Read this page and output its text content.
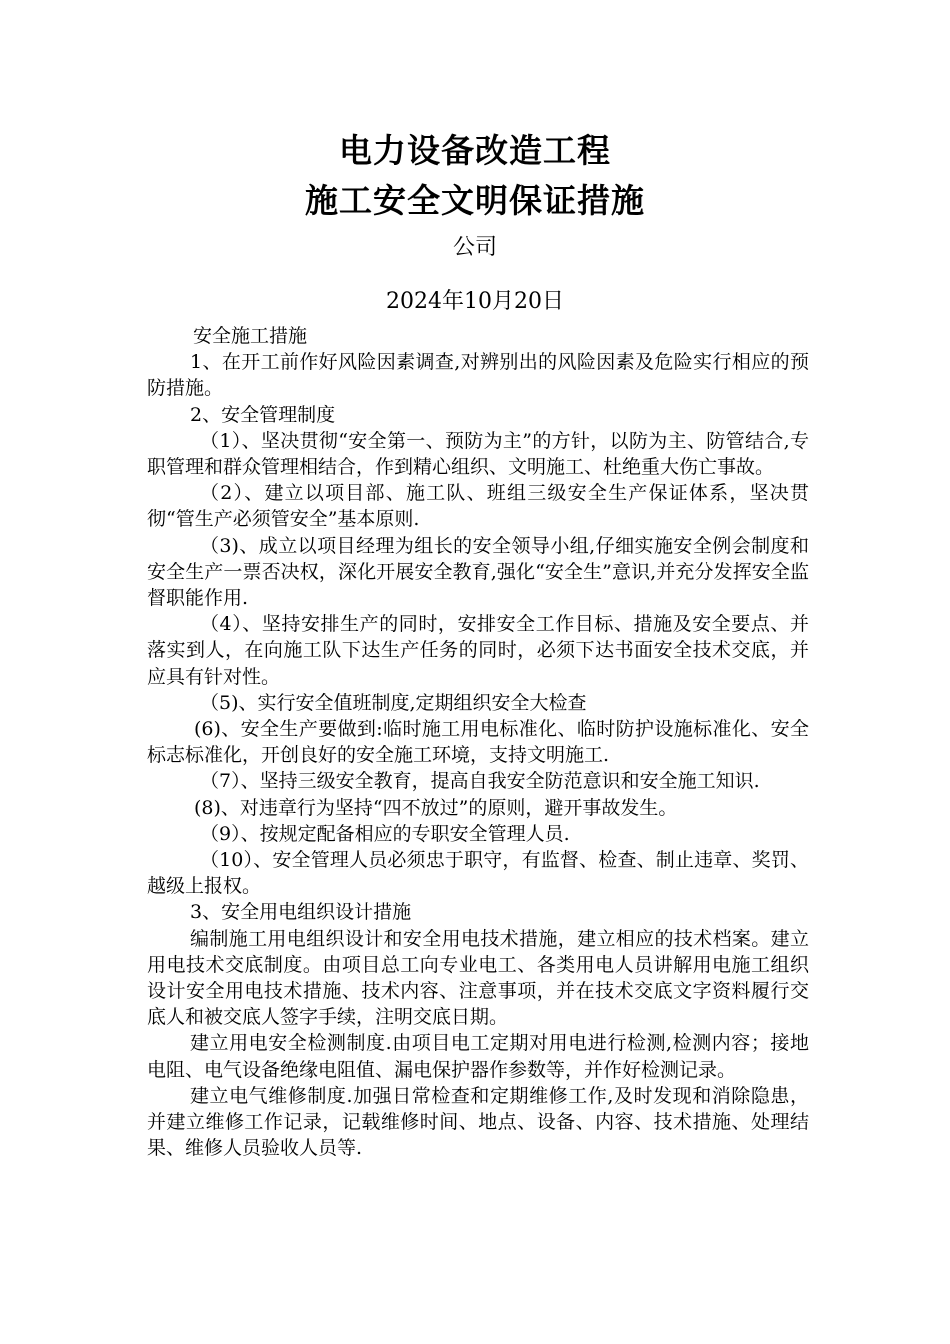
电力设备改造工程
施工安全文明保证措施
公司
2024年10月20日

安全施工措施

1、在开工前作好风险因素调查,对辨别出的风险因素及危险实行相应的预防措施。

2、安全管理制度

（1）、坚决贯彻“安全第一、预防为主”的方针，以防为主、防管结合,专职管理和群众管理相结合，作到精心组织、文明施工、杜绝重大伤亡事故。

（2）、建立以项目部、施工队、班组三级安全生产保证体系，坚决贯彻“管生产必须管安全”基本原则.

（3)、成立以项目经理为组长的安全领导小组,仔细实施安全例会制度和安全生产一票否决权，深化开展安全教育,强化“安全生”意识,并充分发挥安全监督职能作用.

（4）、坚持安排生产的同时，安排安全工作目标、措施及安全要点、并落实到人，在向施工队下达生产任务的同时，必须下达书面安全技术交底，并应具有针对性。

（5)、实行安全值班制度,定期组织安全大检查

(6)、安全生产要做到:临时施工用电标准化、临时防护设施标准化、安全标志标准化，开创良好的安全施工环境，支持文明施工.

（7）、坚持三级安全教育，提高自我安全防范意识和安全施工知识.

(8)、对违章行为坚持“四不放过”的原则，避开事故发生。

（9）、按规定配备相应的专职安全管理人员.

（10）、安全管理人员必须忠于职守，有监督、检查、制止违章、奖罚、越级上报权。

3、安全用电组织设计措施

编制施工用电组织设计和安全用电技术措施，建立相应的技术档案。建立用电技术交底制度。由项目总工向专业电工、各类用电人员讲解用电施工组织设计安全用电技术措施、技术内容、注意事项，并在技术交底文字资料履行交底人和被交底人签字手续，注明交底日期。

建立用电安全检测制度.由项目电工定期对用电进行检测,检测内容；接地电阻、电气设备绝缘电阻值、漏电保护器作参数等，并作好检测记录。

建立电气维修制度.加强日常检查和定期维修工作,及时发现和消除隐患，并建立维修工作记录，记载维修时间、地点、设备、内容、技术措施、处理结果、维修人员验收人员等.
